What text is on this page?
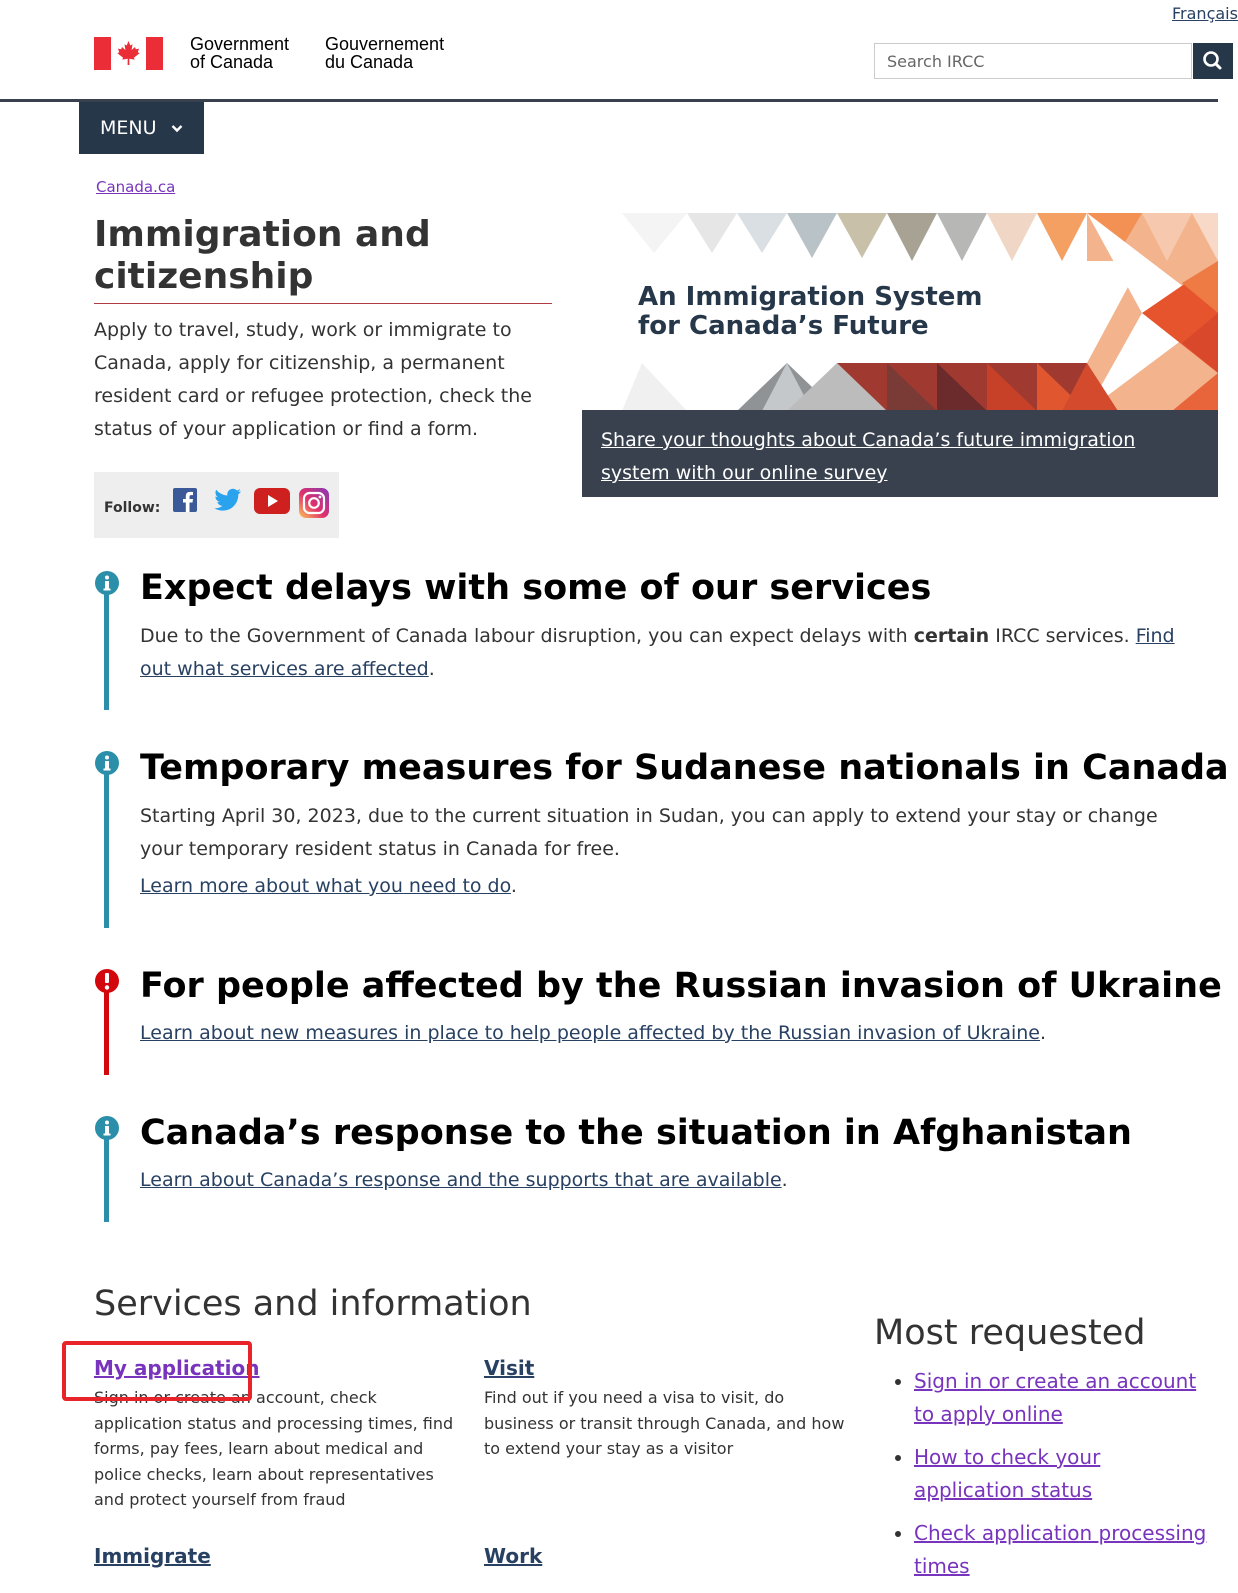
Français
Government
of Canada
Gouvernement
du Canada
Search IRCC
MENU
Canada.ca
Immigration and citizenship

Apply to travel, study, work or immigrate to Canada, apply for citizenship, a permanent resident card or refugee protection, check the status of your application or find a form.

Follow:
An Immigration System
for Canada’s Future
Share your thoughts about Canada’s future immigration system with our online survey
Expect delays with some of our services

Due to the Government of Canada labour disruption, you can expect delays with certain IRCC services. Find out what services are affected.

Temporary measures for Sudanese nationals in Canada

Starting April 30, 2023, due to the current situation in Sudan, you can apply to extend your stay or change your temporary resident status in Canada for free.

Learn more about what you need to do.

For people affected by the Russian invasion of Ukraine

Learn about new measures in place to help people affected by the Russian invasion of Ukraine.

Canada’s response to the situation in Afghanistan

Learn about Canada’s response and the supports that are available.

Services and information
My application

Sign in or create an account, check application status and processing times, find forms, pay fees, learn about medical and police checks, learn about representatives and protect yourself from fraud

Visit

Find out if you need a visa to visit, do business or transit through Canada, and how to extend your stay as a visitor

Immigrate	Work
Most requested
• Sign in or create an account to apply online
• How to check your application status
• Check application processing times
